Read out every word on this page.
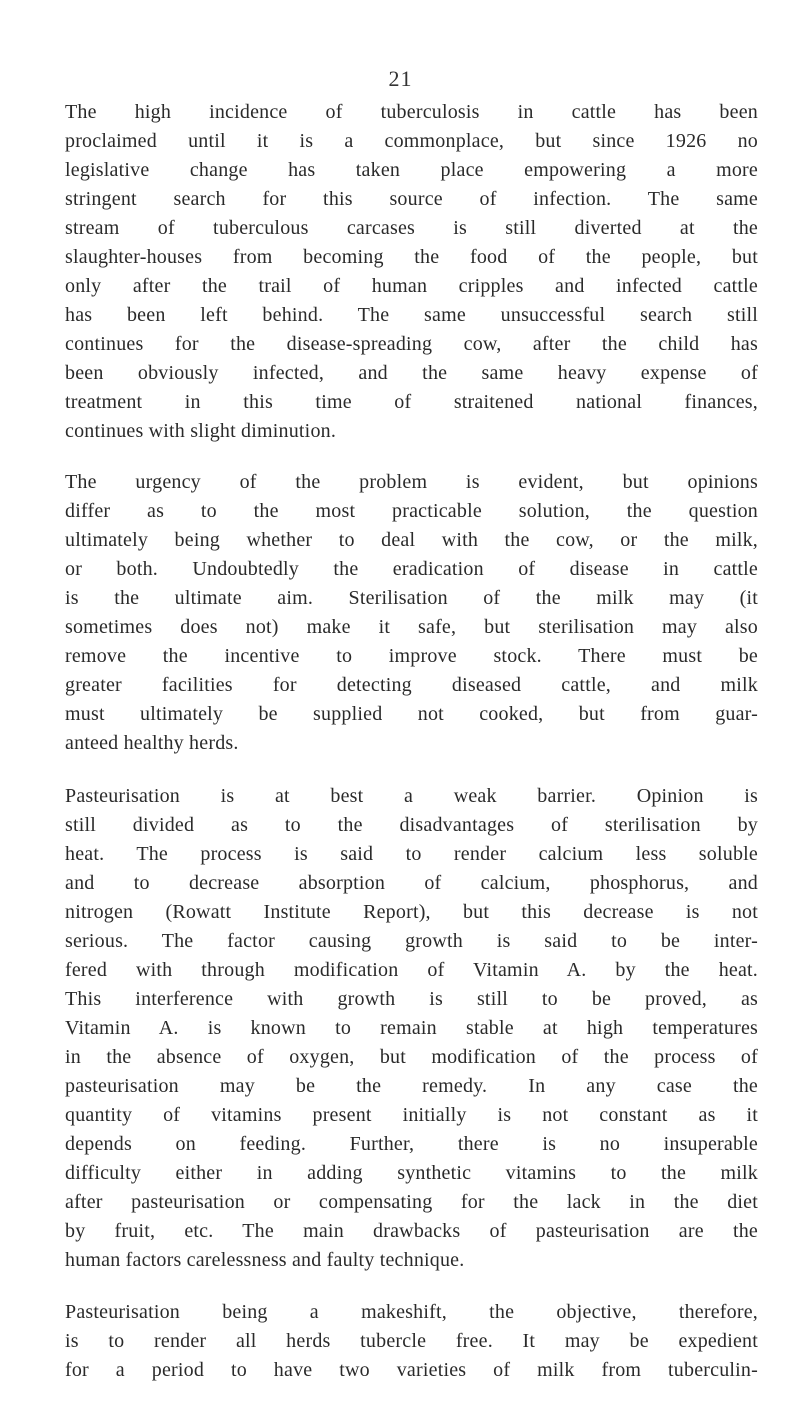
21
The high incidence of tuberculosis in cattle has been
proclaimed until it is a commonplace, but since 1926 no
legislative change has taken place empowering a more
stringent search for this source of infection. The same
stream of tuberculous carcases is still diverted at the
slaughter-houses from becoming the food of the people, but
only after the trail of human cripples and infected cattle
has been left behind. The same unsuccessful search still
continues for the disease-spreading cow, after the child has
been obviously infected, and the same heavy expense of
treatment in this time of straitened national finances,
continues with slight diminution.
The urgency of the problem is evident, but opinions
differ as to the most practicable solution, the question
ultimately being whether to deal with the cow, or the milk,
or both. Undoubtedly the eradication of disease in cattle
is the ultimate aim. Sterilisation of the milk may (it
sometimes does not) make it safe, but sterilisation may also
remove the incentive to improve stock. There must be
greater facilities for detecting diseased cattle, and milk
must ultimately be supplied not cooked, but from guar-
anteed healthy herds.
Pasteurisation is at best a weak barrier. Opinion is
still divided as to the disadvantages of sterilisation by
heat. The process is said to render calcium less soluble
and to decrease absorption of calcium, phosphorus, and
nitrogen (Rowatt Institute Report), but this decrease is not
serious. The factor causing growth is said to be inter-
fered with through modification of Vitamin A. by the heat.
This interference with growth is still to be proved, as
Vitamin A. is known to remain stable at high temperatures
in the absence of oxygen, but modification of the process of
pasteurisation may be the remedy. In any case the
quantity of vitamins present initially is not constant as it
depends on feeding. Further, there is no insuperable
difficulty either in adding synthetic vitamins to the milk
after pasteurisation or compensating for the lack in the diet
by fruit, etc. The main drawbacks of pasteurisation are the
human factors carelessness and faulty technique.
Pasteurisation being a makeshift, the objective, therefore,
is to render all herds tubercle free. It may be expedient
for a period to have two varieties of milk from tuberculin-
